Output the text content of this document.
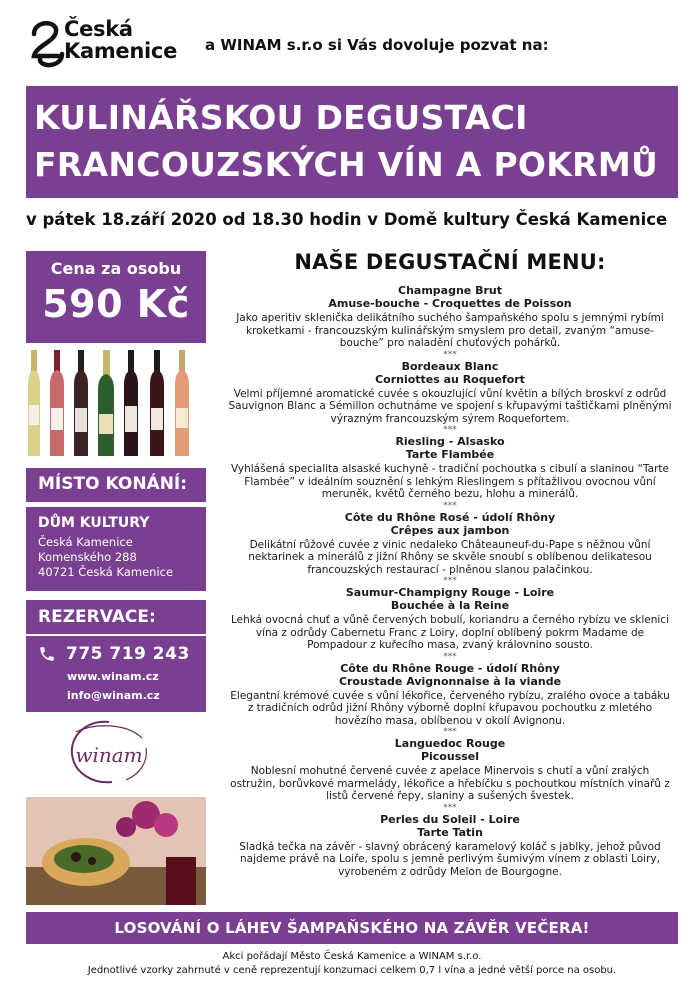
Česká
Kamenice a WINAM s.r.o si Vás dovoluje pozvat na:
KULINÁŘSKOU DEGUSTACI
FRANCOUZSKÝCH VÍN A POKRMŮ
v pátek 18.září 2020 od 18.30 hodin v Domě kultury Česká Kamenice
Cena za osobu
590 Kč
MÍSTO KONÁNÍ:
DŮM KULTURY
Česká Kamenice
Komenského 288
40721 Česká Kamenice
REZERVACE:
775 719 243
www.winam.cz
info@winam.cz
winam
NAŠE DEGUSTAČNÍ MENU:
Champagne Brut
Amuse-bouche - Croquettes de Poisson
Jako aperitiv sklenička delikátního suchého šampaňského spolu s jemnými rybími kroketkami - francouzským kulinářským smyslem pro detail, zvaným “amuse-bouche” pro naladění chuťových pohárků.
***
Bordeaux Blanc
Corniottes au Roquefort
Velmi příjemné aromatické cuvée s okouzlující vůní květin a bílých broskví z odrůd Sauvignon Blanc a Sémillon ochutnáme ve spojení s křupavými taštičkami plněnými výrazným francouzským sýrem Roquefortem.
***
Riesling - Alsasko
Tarte Flambée
Vyhlášená specialita alsaské kuchyně - tradiční pochoutka s cibulí a slaninou “Tarte Flambée” v ideálním souznění s lehkým Rieslingem s přítažlivou ovocnou vůní meruněk, květů černého bezu, hlohu a minerálů.
***
Côte du Rhône Rosé - údolí Rhôny
Crêpes aux jambon
Delikátní růžové cuvée z vinic nedaleko Châteauneuf-du-Pape s něžnou vůní nektarinek a minerálů z jižní Rhôny se skvěle snoubí s oblíbenou delikatesou francouzských restaurací - plněnou slanou palačinkou.
***
Saumur-Champigny Rouge - Loire
Bouchée à la Reine
Lehká ovocná chuť a vůně červených bobulí, koriandru a černého rybízu ve sklenici vína z odrůdy Cabernetu Franc z Loiry, doplní oblíbený pokrm Madame de Pompadour z kuřecího masa, zvaný královnino sousto.
***
Côte du Rhône Rouge - údolí Rhôny
Croustade Avignonnaise à la viande
Elegantní krémové cuvée s vůní lékořice, červeného rybízu, zralého ovoce a tabáku z tradičních odrůd jižní Rhôny výborně doplní křupavou pochoutku z mletého hovězího masa, oblíbenou v okolí Avignonu.
***
Languedoc Rouge
Picoussel
Noblesní mohutné červené cuvée z apelace Minervois s chutí a vůní zralých ostružin, borůvkové marmelády, lékořice a hřebíčku s pochoutkou místních vinařů z listů červené řepy, slaniny a sušených švestek.
***
Perles du Soleil - Loire
Tarte Tatin
Sladká tečka na závěr - slavný obrácený karamelový koláč s jablky, jehož původ najdeme právě na Loiře, spolu s jemně perlivým šumivým vínem z oblasti Loiry, vyrobeném z odrůdy Melon de Bourgogne.
LOSOVÁNÍ O LÁHEV ŠAMPAŇSKÉHO NA ZÁVĚR VEČERA!
Akci pořádají Město Česká Kamenice a WINAM s.r.o.
Jednotlivé vzorky zahrnuté v ceně reprezentují konzumaci celkem 0,7 l vína a jedné větší porce na osobu.
